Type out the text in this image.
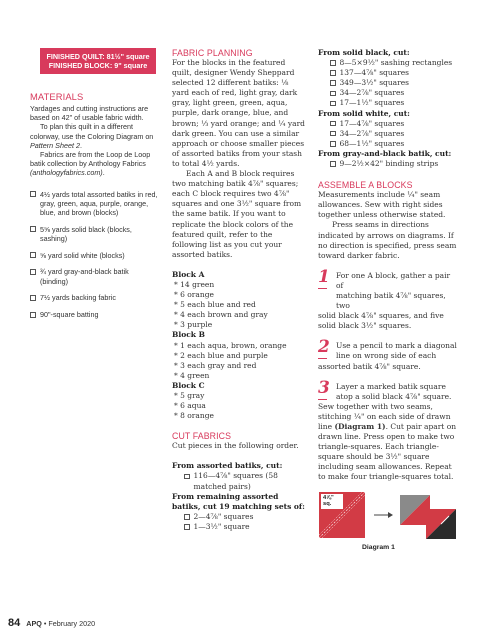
FINISHED QUILT: 81½" square
FINISHED BLOCK: 9" square
MATERIALS

Yardages and cutting instructions are based on 42" of usable fabric width.

To plan this quilt in a different colorway, use the Coloring Diagram on Pattern Sheet 2.

Fabrics are from the Loop de Loop batik collection by Anthology Fabrics (anthologyfabrics.com).

4½ yards total assorted batiks in red, gray, green, aqua, purple, orange, blue, and brown (blocks)
5⅝ yards solid black (blocks, sashing)
⅝ yard solid white (blocks)
¾ yard gray-and-black batik (binding)
7½ yards backing fabric
90"-square batting
FABRIC PLANNING

For the blocks in the featured quilt, designer Wendy Sheppard selected 12 different batiks: ⅛ yard each of red, light gray, dark gray, light green, green, aqua, purple, dark orange, blue, and brown; ⅓ yard orange; and ¼ yard dark green. You can use a similar approach or choose smaller pieces of assorted batiks from your stash to total 4½ yards.

Each A and B block requires two matching batik 4⅞" squares; each C block requires two 4⅞" squares and one 3½" square from the same batik. If you want to replicate the block colors of the featured quilt, refer to the following list as you cut your assorted batiks.

Block A
* 14 green
* 6 orange
* 5 each blue and red
* 4 each brown and gray
* 3 purple
Block B
* 1 each aqua, brown, orange
* 2 each blue and purple
* 3 each gray and red
* 4 green
Block C
* 5 gray
* 6 aqua
* 8 orange
CUT FABRICS

Cut pieces in the following order.

From assorted batiks, cut:
116—4⅞" squares (58 matched pairs)
From remaining assorted batiks, cut 19 matching sets of:
2—4⅞" squares
1—3½" square
From solid black, cut:
8—5×9½" sashing rectangles
137—4⅞" squares
349—3½" squares
34—2⅞" squares
17—1½" squares
From solid white, cut:
17—4⅞" squares
34—2⅞" squares
68—1½" squares
From gray-and-black batik, cut:
9—2½×42" binding strips
ASSEMBLE A BLOCKS

Measurements include ¼" seam allowances. Sew with right sides together unless otherwise stated.

Press seams in directions indicated by arrows on diagrams. If no direction is specified, press seam toward darker fabric.

1 For one A block, gather a pair of
matching batik 4⅞" squares, two
solid black 4⅞" squares, and five solid black 3½" squares.
2 Use a pencil to mark a diagonal
line on wrong side of each
assorted batik 4⅞" square.
3 Layer a marked batik square
atop a solid black 4⅞" square.
Sew together with two seams, stitching ¼" on each side of drawn line (Diagram 1). Cut pair apart on drawn line. Press open to make two triangle-squares. Each triangle-square should be 3½" square including seam allowances. Repeat to make four triangle-squares total.
4⅞" sq.
Diagram 1
84 APQ • February 2020
